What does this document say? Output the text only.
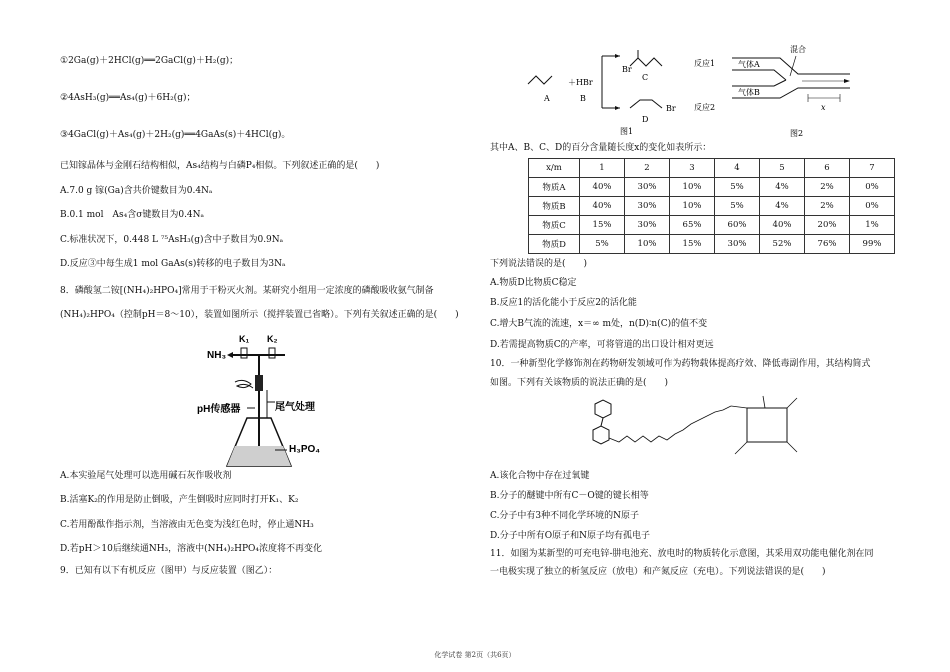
①2Ga(g)＋2HCl(g)══2GaCl(g)＋H₂(g)；
②4AsH₃(g)══As₄(g)＋6H₂(g)；
③4GaCl(g)＋As₄(g)＋2H₂(g)══4GaAs(s)＋4HCl(g)。
已知镓晶体与金刚石结构相似，As₄结构与白磷P₄相似。下列叙述正确的是(　　)
A.7.0 g 镓(Ga)含共价键数目为0.4Nₐ
B.0.1 mol　As₄含σ键数目为0.4Nₐ
C.标准状况下，0.448 L ⁷⁵AsH₃(g)含中子数目为0.9Nₐ
D.反应③中每生成1 mol GaAs(s)转移的电子数目为3Nₐ
8．磷酸氢二铵[(NH₄)₂HPO₄]常用于干粉灭火剂。某研究小组用一定浓度的磷酸吸收氨气制备
(NH₄)₂HPO₄（控制pH＝8～10），装置如图所示（搅拌装置已省略）。下列有关叙述正确的是(　　)
NH₃
K₁ K₂
pH传感器	尾气处理
H₃PO₄
A.本实验尾气处理可以选用碱石灰作吸收剂
B.活塞K₂的作用是防止倒吸，产生倒吸时应同时打开K₁、K₂
C.若用酚酞作指示剂，当溶液由无色变为浅红色时，停止通NH₃
D.若pH＞10后继续通NH₃，溶液中(NH₄)₂HPO₄浓度将不再变化
9．已知有以下有机反应（图甲）与反应装置（图乙）：
A
＋HBr
B
Br
C
Br
D
图1
反应1
反应2
混合
气体A
气体B
x
图2
其中A、B、C、D的百分含量随长度x的变化如表所示：
x/m	1	2	3	4	5	6	7
物质A	40%	30%	10%	5%	4%	2%	0%
物质B	40%	30%	10%	5%	4%	2%	0%
物质C	15%	30%	65%	60%	40%	20%	1%
物质D	5%	10%	15%	30%	52%	76%	99%
下列说法错误的是(　　)
A.物质D比物质C稳定
B.反应1的活化能小于反应2的活化能
C.增大B气流的流速，x＝∞ m处，n(D)∶n(C)的值不变
D.若需提高物质C的产率，可将管道的出口设计相对更远
10．一种新型化学修饰剂在药物研发领域可作为药物载体提高疗效、降低毒副作用，其结构简式
如图。下列有关该物质的说法正确的是(　　)
A.该化合物中存在过氧键
B.分子的醚键中所有C－O键的键长相等
C.分子中有3种不同化学环境的N原子
D.分子中所有O原子和N原子均有孤电子
11．如图为某新型的可充电锌-肼电池充、放电时的物质转化示意图，其采用双功能电催化剂在同
一电极实现了独立的析氢反应（放电）和产氮反应（充电）。下列说法错误的是(　　)
化学试卷 第2页（共6页）
